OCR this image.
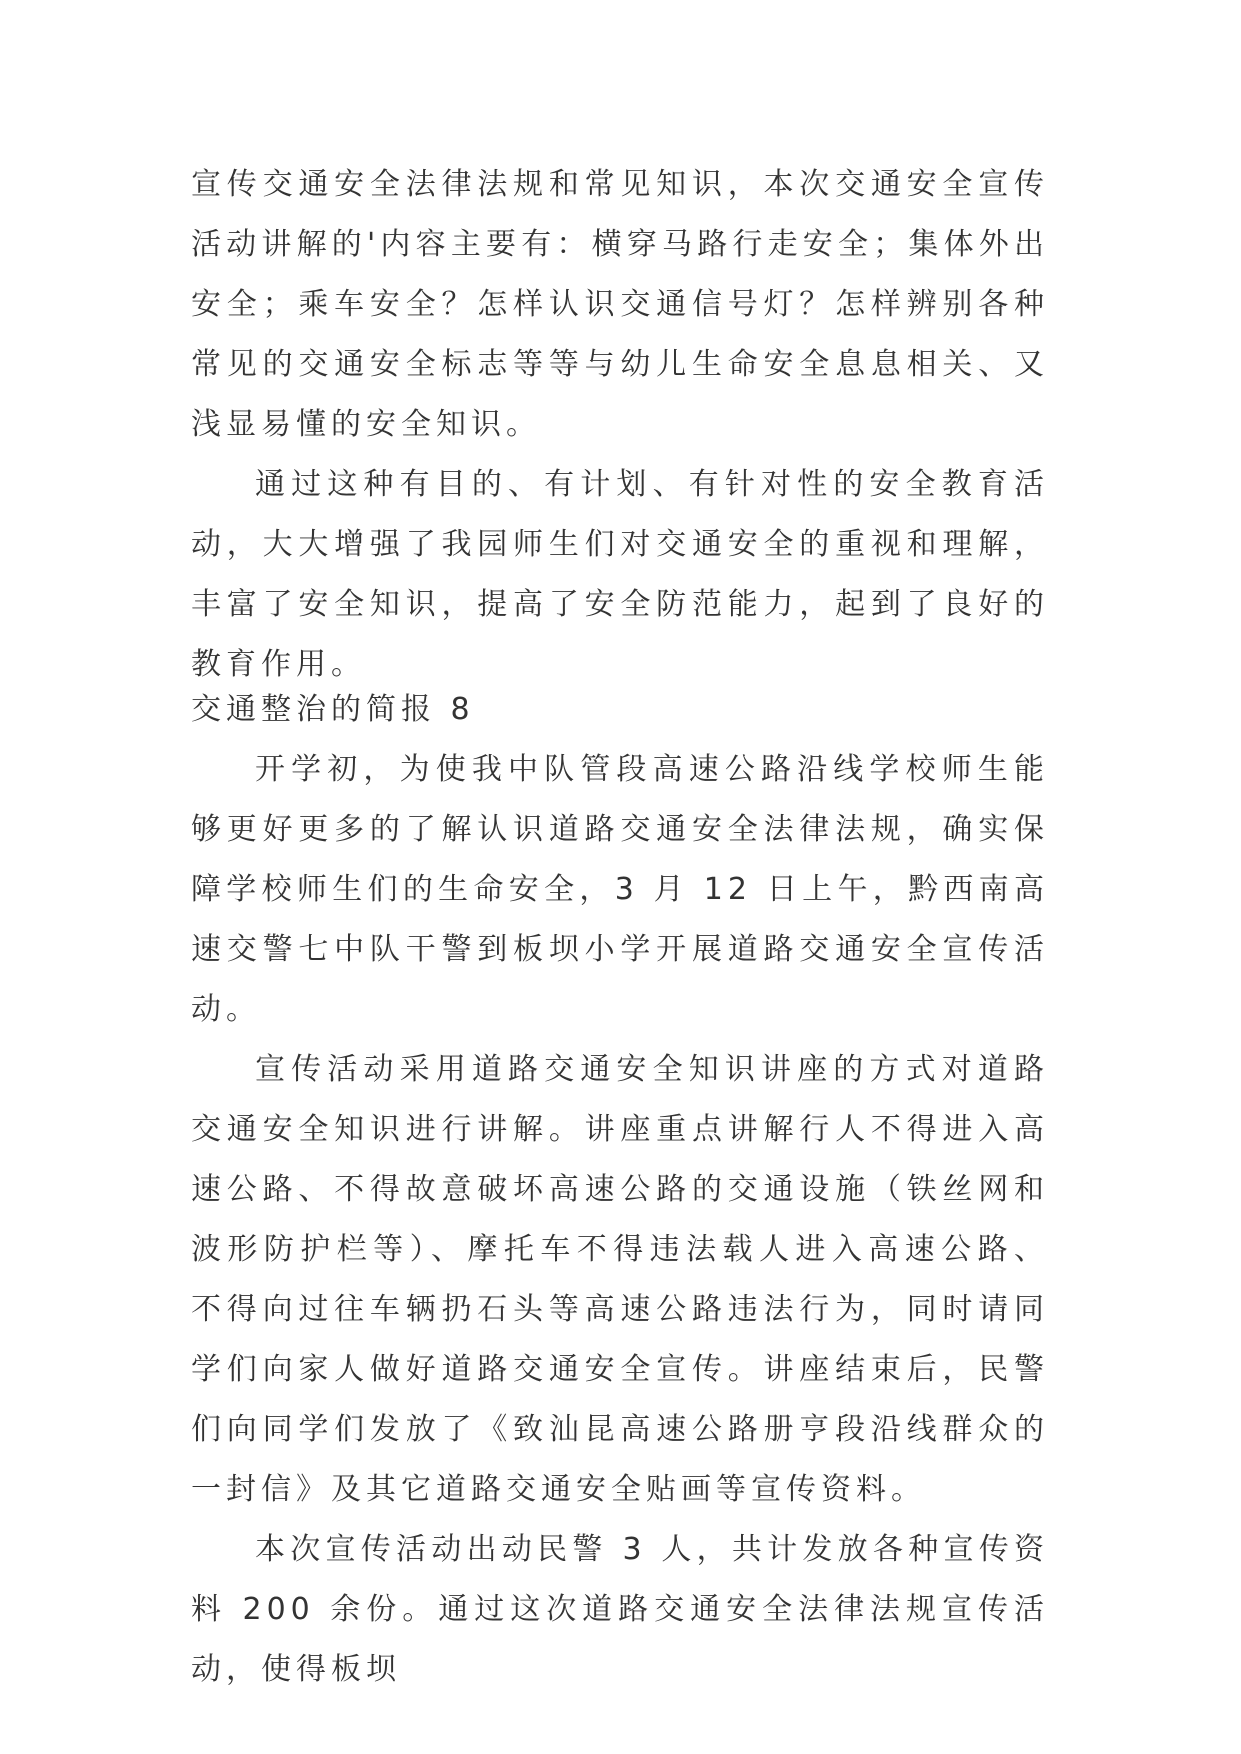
宣传交通安全法律法规和常见知识，本次交通安全宣传活动讲解的'内容主要有：横穿马路行走安全；集体外出安全；乘车安全？怎样认识交通信号灯？怎样辨别各种常见的交通安全标志等等与幼儿生命安全息息相关、又浅显易懂的安全知识。

通过这种有目的、有计划、有针对性的安全教育活动，大大增强了我园师生们对交通安全的重视和理解，丰富了安全知识，提高了安全防范能力，起到了良好的教育作用。

交通整治的简报 8

开学初，为使我中队管段高速公路沿线学校师生能够更好更多的了解认识道路交通安全法律法规，确实保障学校师生们的生命安全，3 月 12 日上午，黔西南高速交警七中队干警到板坝小学开展道路交通安全宣传活动。

宣传活动采用道路交通安全知识讲座的方式对道路交通安全知识进行讲解。讲座重点讲解行人不得进入高速公路、不得故意破坏高速公路的交通设施（铁丝网和波形防护栏等）、摩托车不得违法载人进入高速公路、不得向过往车辆扔石头等高速公路违法行为，同时请同学们向家人做好道路交通安全宣传。讲座结束后，民警们向同学们发放了《致汕昆高速公路册亨段沿线群众的一封信》及其它道路交通安全贴画等宣传资料。

本次宣传活动出动民警 3 人，共计发放各种宣传资料 200 余份。通过这次道路交通安全法律法规宣传活动，使得板坝
